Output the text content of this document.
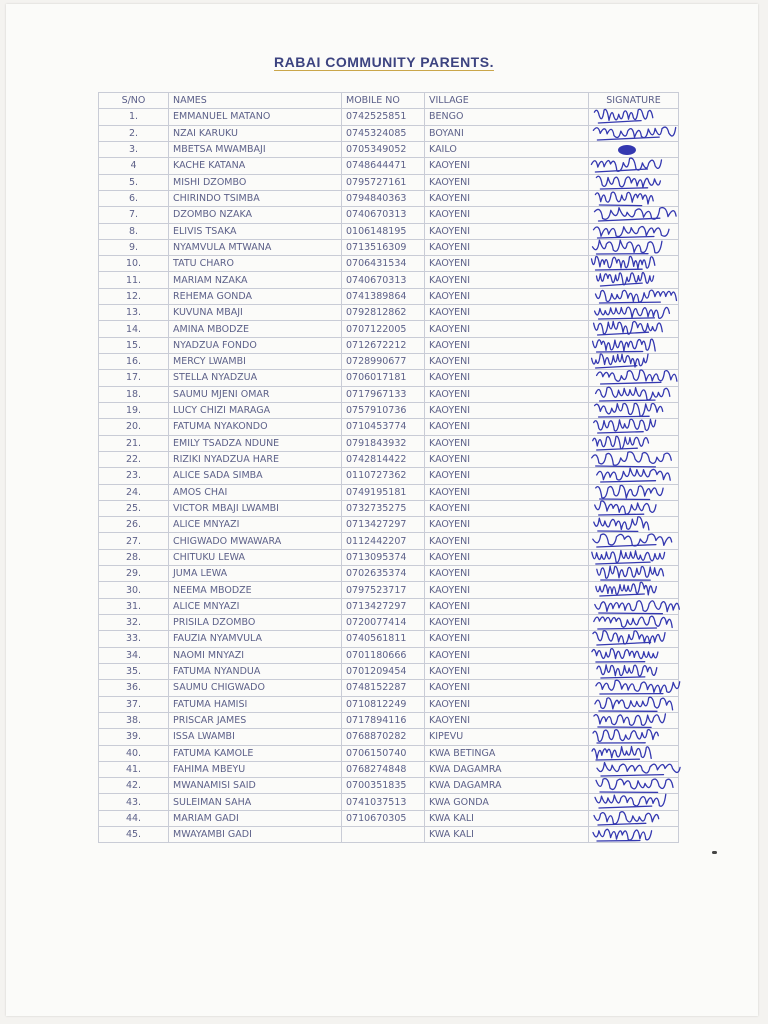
RABAI COMMUNITY PARENTS.
S/NO	NAMES	MOBILE NO	VILLAGE	SIGNATURE
1.	EMMANUEL MATANO	0742525851	BENGO	

2.	NZAI KARUKU	0745324085	BOYANI	

3.	MBETSA MWAMBAJI	0705349052	KAILO	

4	KACHE KATANA	0748644471	KAOYENI	

5.	MISHI DZOMBO	0795727161	KAOYENI	

6.	CHIRINDO TSIMBA	0794840363	KAOYENI	

7.	DZOMBO NZAKA	0740670313	KAOYENI	

8.	ELIVIS TSAKA	0106148195	KAOYENI	

9.	NYAMVULA MTWANA	0713516309	KAOYENI	

10.	TATU CHARO	0706431534	KAOYENI	

11.	MARIAM NZAKA	0740670313	KAOYENI	

12.	REHEMA GONDA	0741389864	KAOYENI	

13.	KUVUNA MBAJI	0792812862	KAOYENI	

14.	AMINA MBODZE	0707122005	KAOYENI	

15.	NYADZUA FONDO	0712672212	KAOYENI	

16.	MERCY LWAMBI	0728990677	KAOYENI	

17.	STELLA NYADZUA	0706017181	KAOYENI	

18.	SAUMU MJENI OMAR	0717967133	KAOYENI	

19.	LUCY CHIZI MARAGA	0757910736	KAOYENI	

20.	FATUMA NYAKONDO	0710453774	KAOYENI	

21.	EMILY TSADZA NDUNE	0791843932	KAOYENI	

22.	RIZIKI NYADZUA HARE	0742814422	KAOYENI	

23.	ALICE SADA SIMBA	0110727362	KAOYENI	

24.	AMOS CHAI	0749195181	KAOYENI	

25.	VICTOR MBAJI LWAMBI	0732735275	KAOYENI	

26.	ALICE MNYAZI	0713427297	KAOYENI	

27.	CHIGWADO MWAWARA	0112442207	KAOYENI	

28.	CHITUKU LEWA	0713095374	KAOYENI	

29.	JUMA LEWA	0702635374	KAOYENI	

30.	NEEMA MBODZE	0797523717	KAOYENI	

31.	ALICE MNYAZI	0713427297	KAOYENI	

32.	PRISILA DZOMBO	0720077414	KAOYENI	

33.	FAUZIA NYAMVULA	0740561811	KAOYENI	

34.	NAOMI MNYAZI	0701180666	KAOYENI	

35.	FATUMA NYANDUA	0701209454	KAOYENI	

36.	SAUMU CHIGWADO	0748152287	KAOYENI	

37.	FATUMA HAMISI	0710812249	KAOYENI	

38.	PRISCAR JAMES	0717894116	KAOYENI	

39.	ISSA LWAMBI	0768870282	KIPEVU	

40.	FATUMA KAMOLE	0706150740	KWA BETINGA	

41.	FAHIMA MBEYU	0768274848	KWA DAGAMRA	

42.	MWANAMISI SAID	0700351835	KWA DAGAMRA	

43.	SULEIMAN SAHA	0741037513	KWA GONDA	

44.	MARIAM GADI	0710670305	KWA KALI	

45.	MWAYAMBI GADI		KWA KALI	
